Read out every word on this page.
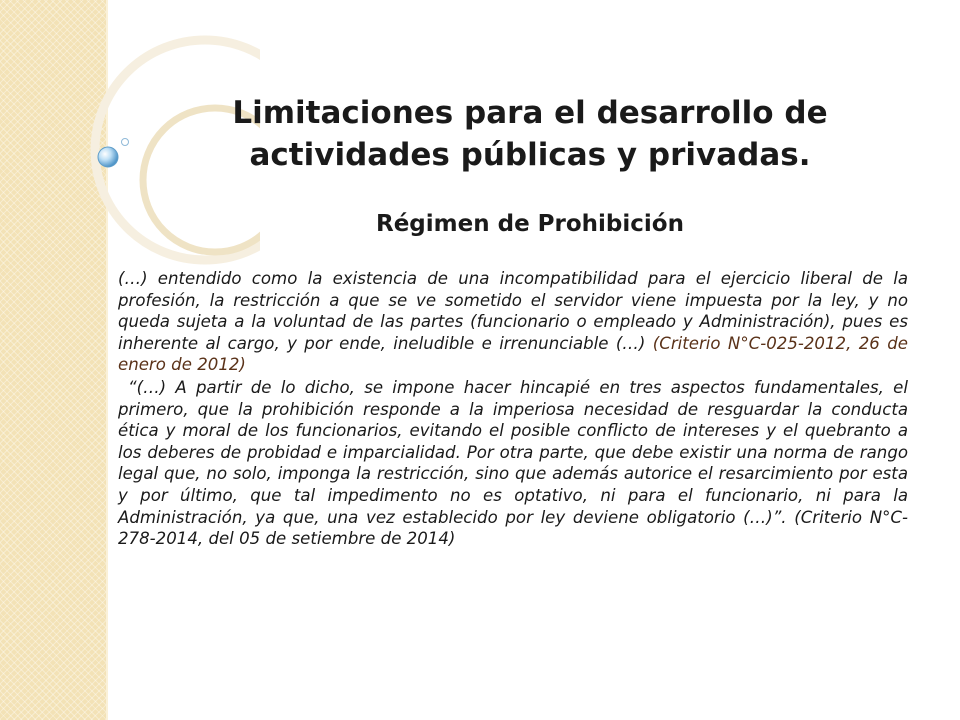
Limitaciones para el desarrollo de actividades públicas y privadas.
Régimen de Prohibición

(…) entendido como la existencia de una incompatibilidad para el ejercicio liberal de la profesión, la restricción a que se ve sometido el servidor viene impuesta por la ley, y no queda sujeta a la voluntad de las partes (funcionario o empleado y Administración), pues es inherente al cargo, y por ende, ineludible e irrenunciable (…) (Criterio N°C-025-2012, 26 de enero de 2012)

“(…) A partir de lo dicho, se impone hacer hincapié en tres aspectos fundamentales, el primero, que la prohibición responde a la imperiosa necesidad de resguardar la conducta ética y moral de los funcionarios, evitando el posible conflicto de intereses y el quebranto a los deberes de probidad e imparcialidad. Por otra parte, que debe existir una norma de rango legal que, no solo, imponga la restricción, sino que además autorice el resarcimiento por esta y por último, que tal impedimento no es optativo, ni para el funcionario, ni para la Administración, ya que, una vez establecido por ley deviene obligatorio (…)”. (Criterio N°C-278-2014, del 05 de setiembre de 2014)
